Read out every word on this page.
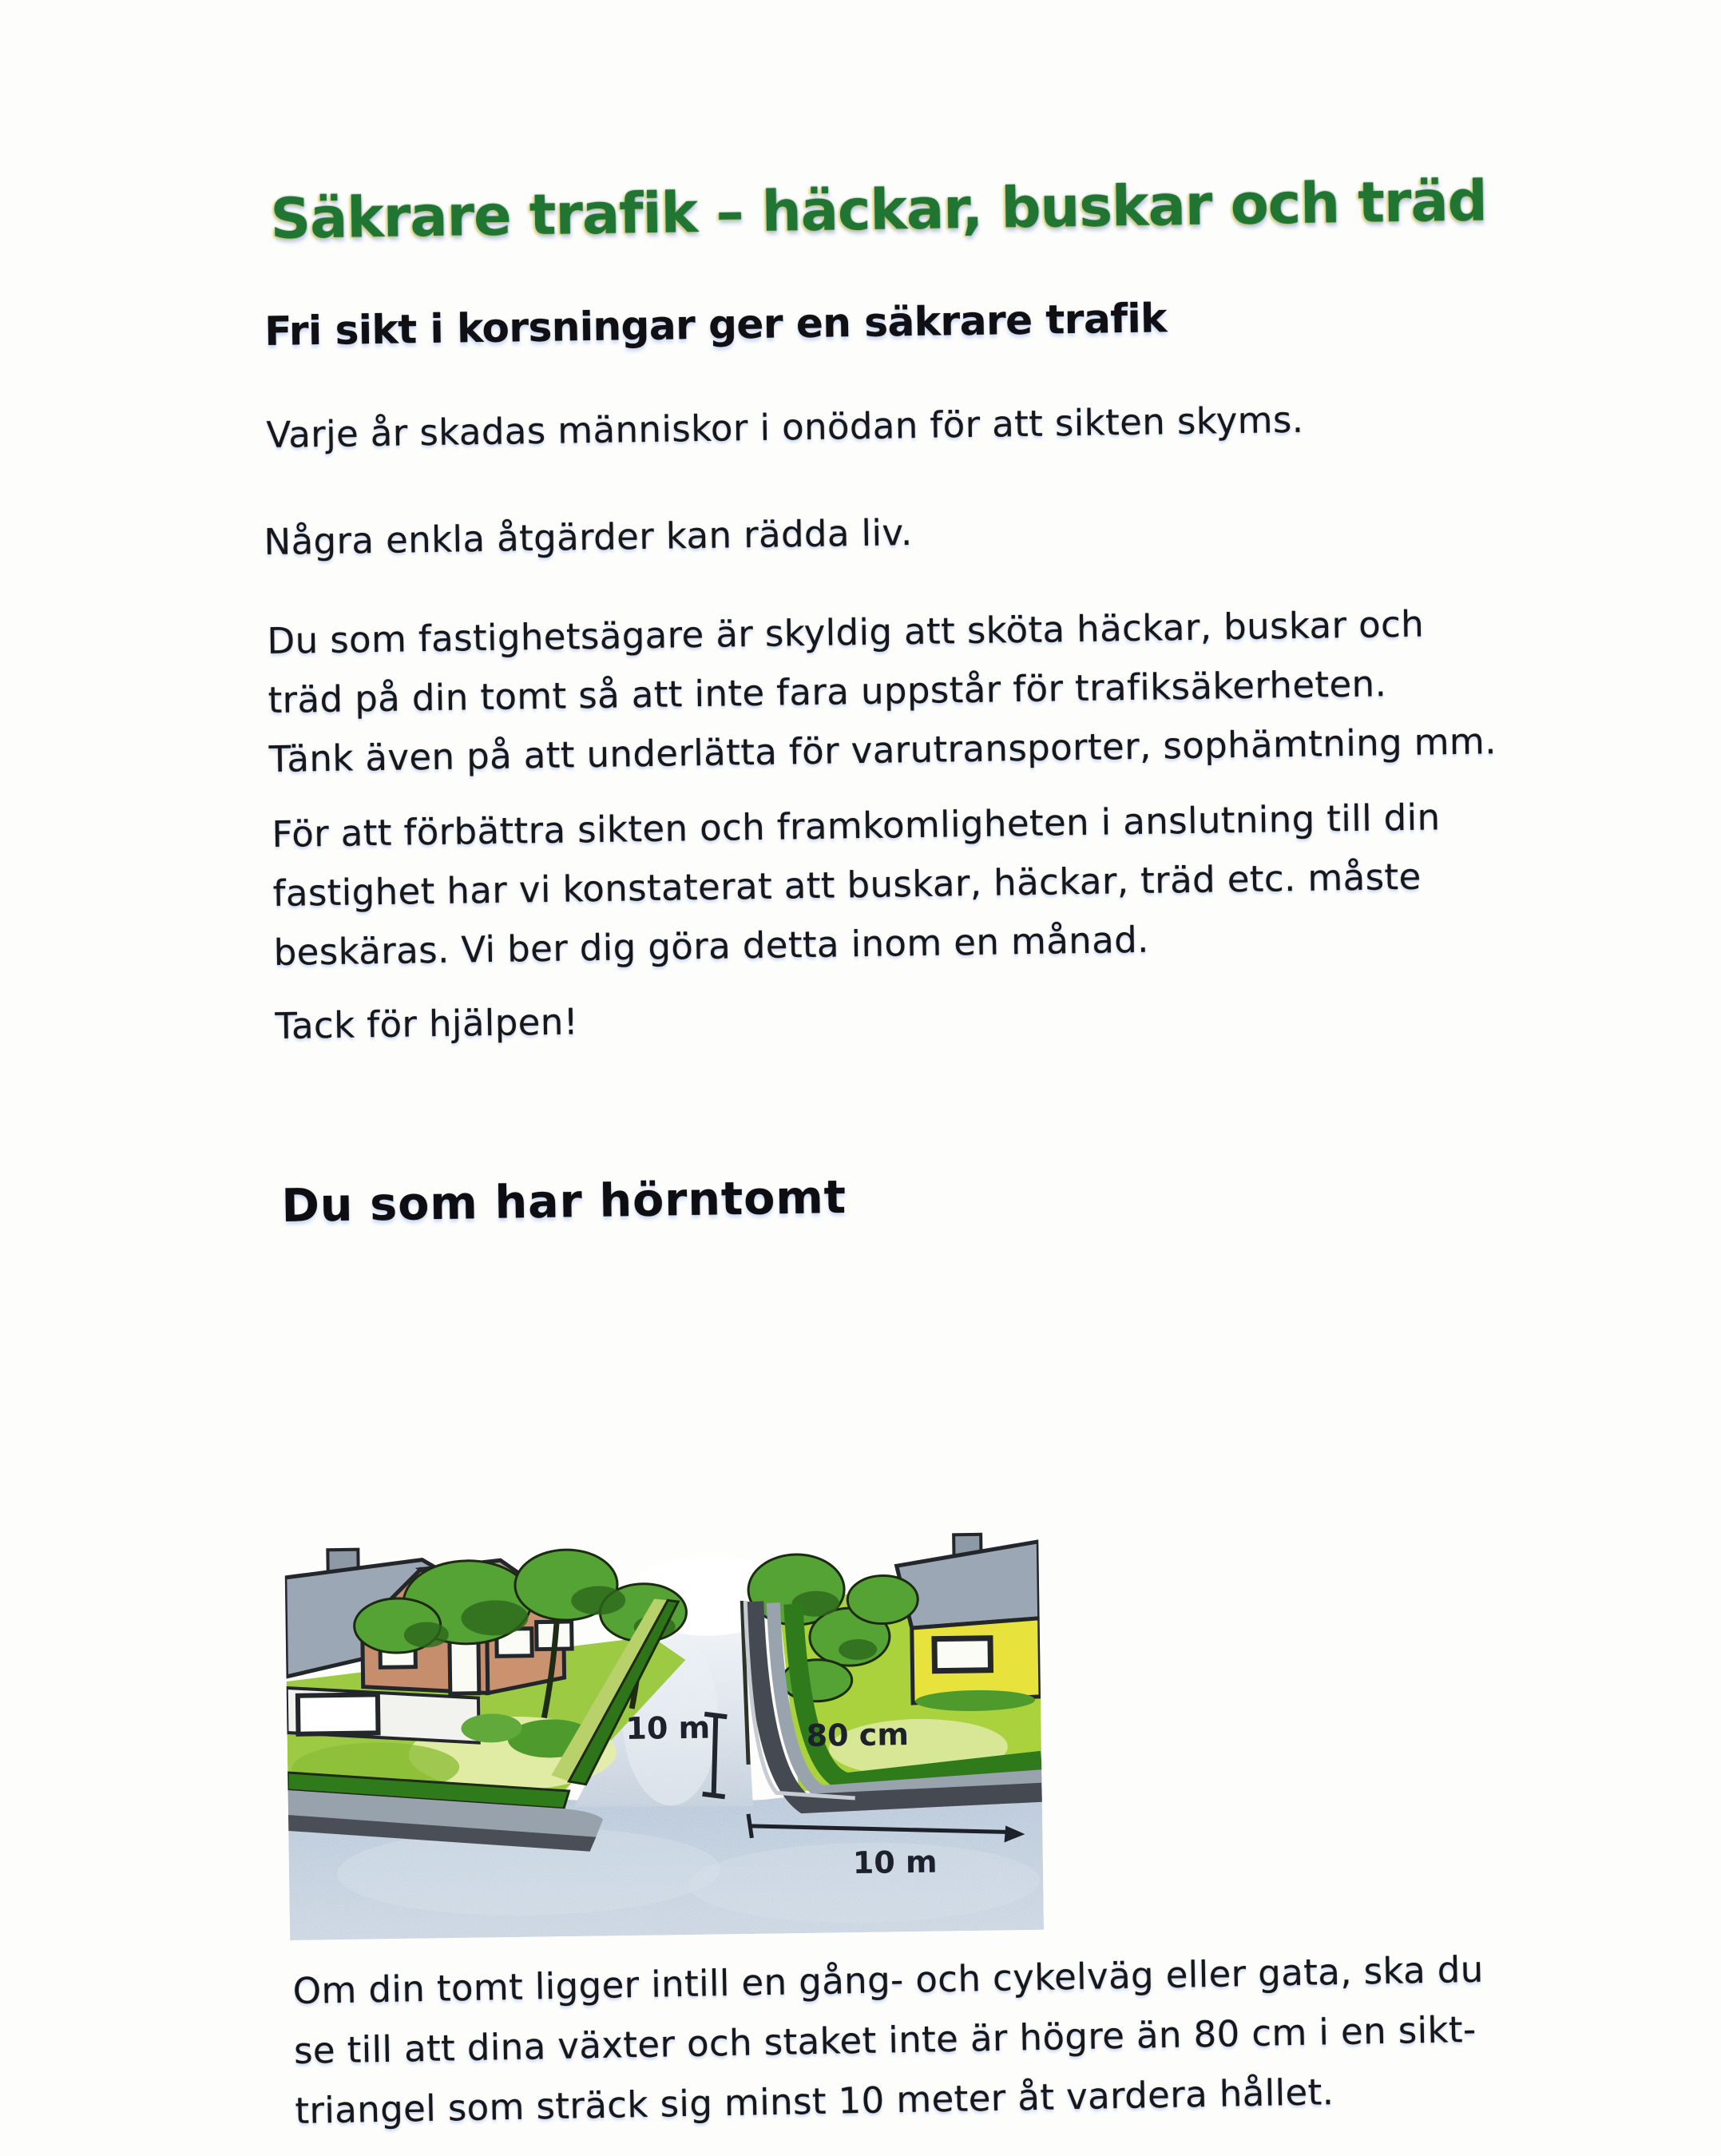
Säkrare trafik – häckar, buskar och träd
Fri sikt i korsningar ger en säkrare trafik
Varje år skadas människor i onödan för att sikten skyms.
Några enkla åtgärder kan rädda liv.
Du som fastighetsägare är skyldig att sköta häckar, buskar och
träd på din tomt så att inte fara uppstår för trafiksäkerheten.
Tänk även på att underlätta för varutransporter, sophämtning mm.
För att förbättra sikten och framkomligheten i anslutning till din
fastighet har vi konstaterat att buskar, häckar, träd etc. måste
beskäras. Vi ber dig göra detta inom en månad.
Tack för hjälpen!
Du som har hörntomt
10 m	80 cm
10 m
Om din tomt ligger intill en gång- och cykelväg eller gata, ska du
se till att dina växter och staket inte är högre än 80 cm i en sikt-
triangel som sträck sig minst 10 meter åt vardera hållet.
